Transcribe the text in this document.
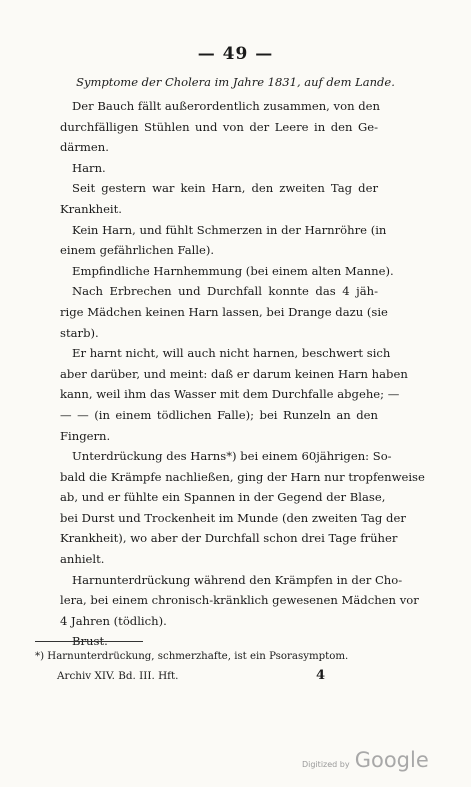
— 49 —
Symptome der Cholera im Jahre 1831, auf dem Lande.
Der Bauch fällt außerordentlich zusammen, von den
durchfälligen Stühlen und von der Leere in den Ge-
därmen.
Harn.
Seit gestern war kein Harn, den zweiten Tag der
Krankheit.
Kein Harn, und fühlt Schmerzen in der Harnröhre (in
einem gefährlichen Falle).
Empfindliche Harnhemmung (bei einem alten Manne).
Nach Erbrechen und Durchfall konnte das 4 jäh-
rige Mädchen keinen Harn lassen, bei Drange dazu (sie
starb).
Er harnt nicht, will auch nicht harnen, beschwert sich
aber darüber, und meint: daß er darum keinen Harn haben
kann, weil ihm das Wasser mit dem Durchfalle abgehe; —
— — (in einem tödlichen Falle); bei Runzeln an den
Fingern.
Unterdrückung des Harns*) bei einem 60jährigen: So-
bald die Krämpfe nachließen, ging der Harn nur tropfenweise
ab, und er fühlte ein Spannen in der Gegend der Blase,
bei Durst und Trockenheit im Munde (den zweiten Tag der
Krankheit), wo aber der Durchfall schon drei Tage früher
anhielt.
Harnunterdrückung während den Krämpfen in der Cho-
lera, bei einem chronisch-kränklich gewesenen Mädchen vor
4 Jahren (tödlich).
Brust.
*) Harnunterdrückung, schmerzhafte, ist ein Psorasymptom.
Archiv XIV. Bd. III. Hft.	4
Digitized by Google
